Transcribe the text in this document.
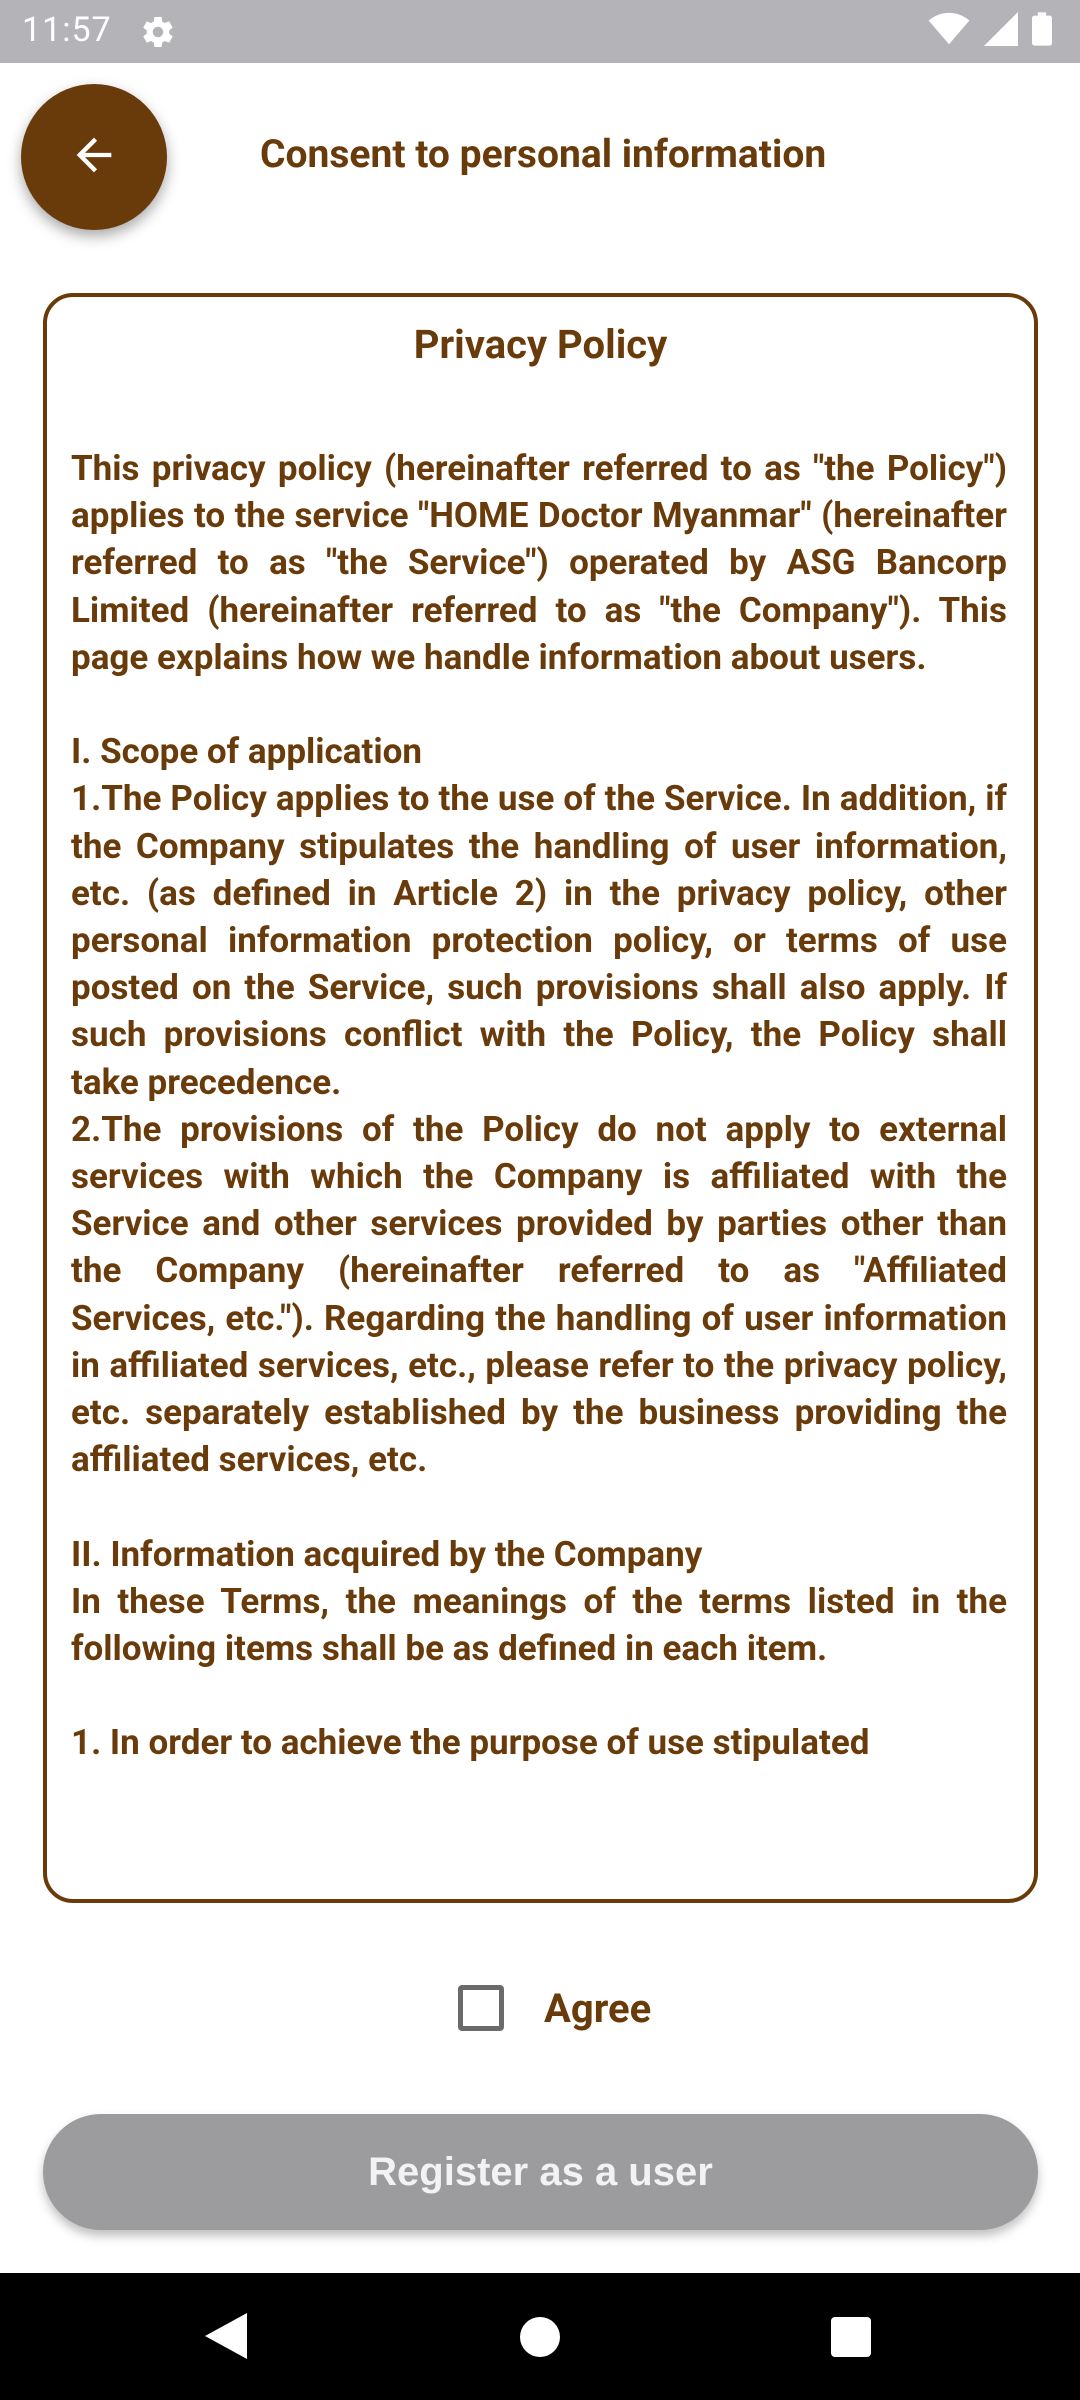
11:57
Consent to personal information
Privacy Policy
This privacy policy (hereinafter referred to as "the Policy") applies to the service "HOME Doctor Myanmar" (hereinafter referred to as "the Service") operated by ASG Bancorp Limited (hereinafter referred to as "the Company"). This page explains how we handle information about users.

I. Scope of application
1.The Policy applies to the use of the Service. In addition, if the Company stipulates the handling of user information, etc. (as defined in Article 2) in the privacy policy, other personal information protection policy, or terms of use posted on the Service, such provisions shall also apply. If such provisions conflict with the Policy, the Policy shall take precedence.
2.The provisions of the Policy do not apply to external services with which the Company is affiliated with the Service and other services provided by parties other than the Company (hereinafter referred to as "Affiliated Services, etc."). Regarding the handling of user information in affiliated services, etc., please refer to the privacy policy, etc. separately established by the business providing the affiliated services, etc.

II. Information acquired by the Company
In these Terms, the meanings of the terms listed in the following items shall be as defined in each item.

1. In order to achieve the purpose of use stipulated
Agree
Register as a user
